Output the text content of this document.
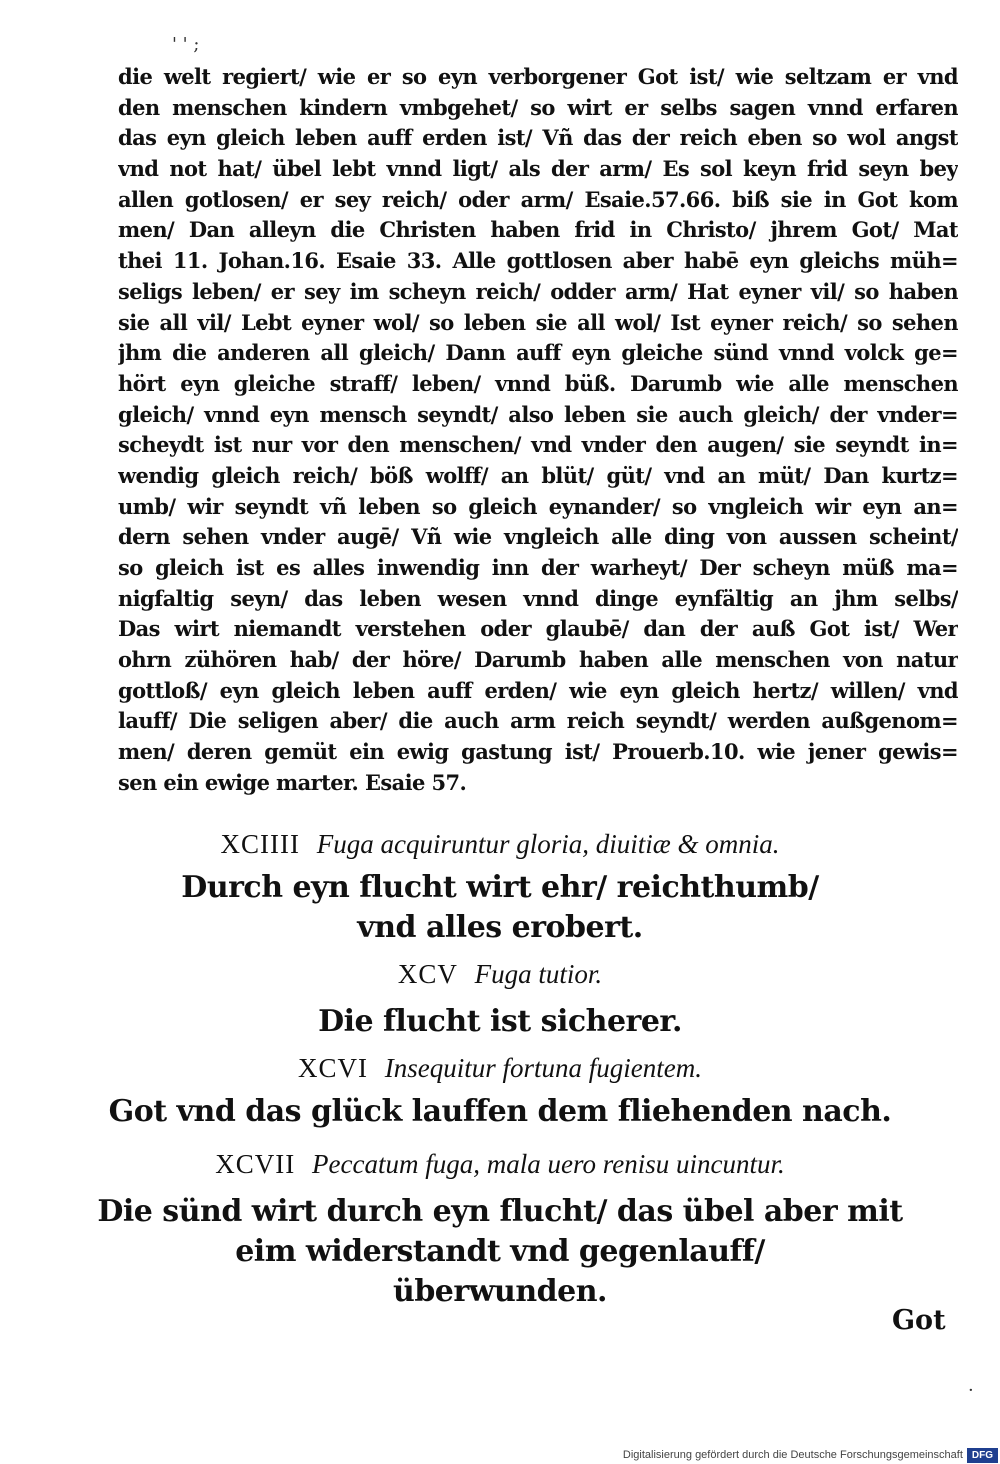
' ' ;
die welt regiert/ wie er so eyn verborgener Got ist/ wie seltzam er vnd
den menschen kindern vmbgehet/ so wirt er selbs sagen vnnd erfaren
das eyn gleich leben auff erden ist/ Vñ das der reich eben so wol angst
vnd not hat/ übel lebt vnnd ligt/ als der arm/ Es sol keyn frid seyn bey
allen gotlosen/ er sey reich/ oder arm/ Esaie.57.66. biß sie in Got kom
men/ Dan alleyn die Christen haben frid in Christo/ jhrem Got/ Mat
thei 11. Johan.16. Esaie 33. Alle gottlosen aber habē eyn gleichs müh=
seligs leben/ er sey im scheyn reich/ odder arm/ Hat eyner vil/ so haben
sie all vil/ Lebt eyner wol/ so leben sie all wol/ Ist eyner reich/ so sehen
jhm die anderen all gleich/ Dann auff eyn gleiche sünd vnnd volck ge=
hört eyn gleiche straff/ leben/ vnnd büß. Darumb wie alle menschen
gleich/ vnnd eyn mensch seyndt/ also leben sie auch gleich/ der vnder=
scheydt ist nur vor den menschen/ vnd vnder den augen/ sie seyndt in=
wendig gleich reich/ böß wolff/ an blüt/ güt/ vnd an müt/ Dan kurtz=
umb/ wir seyndt vñ leben so gleich eynander/ so vngleich wir eyn an=
dern sehen vnder augē/ Vñ wie vngleich alle ding von aussen scheint/
so gleich ist es alles inwendig inn der warheyt/ Der scheyn müß ma=
nigfaltig seyn/ das leben wesen vnnd dinge eynfältig an jhm selbs/
Das wirt niemandt verstehen oder glaubē/ dan der auß Got ist/ Wer
ohrn zühören hab/ der höre/ Darumb haben alle menschen von natur
gottloß/ eyn gleich leben auff erden/ wie eyn gleich hertz/ willen/ vnd
lauff/ Die seligen aber/ die auch arm reich seyndt/ werden außgenom=
men/ deren gemüt ein ewig gastung ist/ Prouerb.10. wie jener gewis=
sen ein ewige marter. Esaie 57.
XCIIII Fuga acquiruntur gloria, diuitiæ & omnia.
Durch eyn flucht wirt ehr/ reichthumb/
vnd alles erobert.
XCV Fuga tutior.
Die flucht ist sicherer.
XCVI Insequitur fortuna fugientem.
Got vnd das glück lauffen dem fliehenden nach.
XCVII Peccatum fuga, mala uero renisu uincuntur.
Die sünd wirt durch eyn flucht/ das übel aber mit
eim widerstandt vnd gegenlauff/
überwunden.
Got
·
Digitalisierung gefördert durch die Deutsche Forschungsgemeinschaft DFG
